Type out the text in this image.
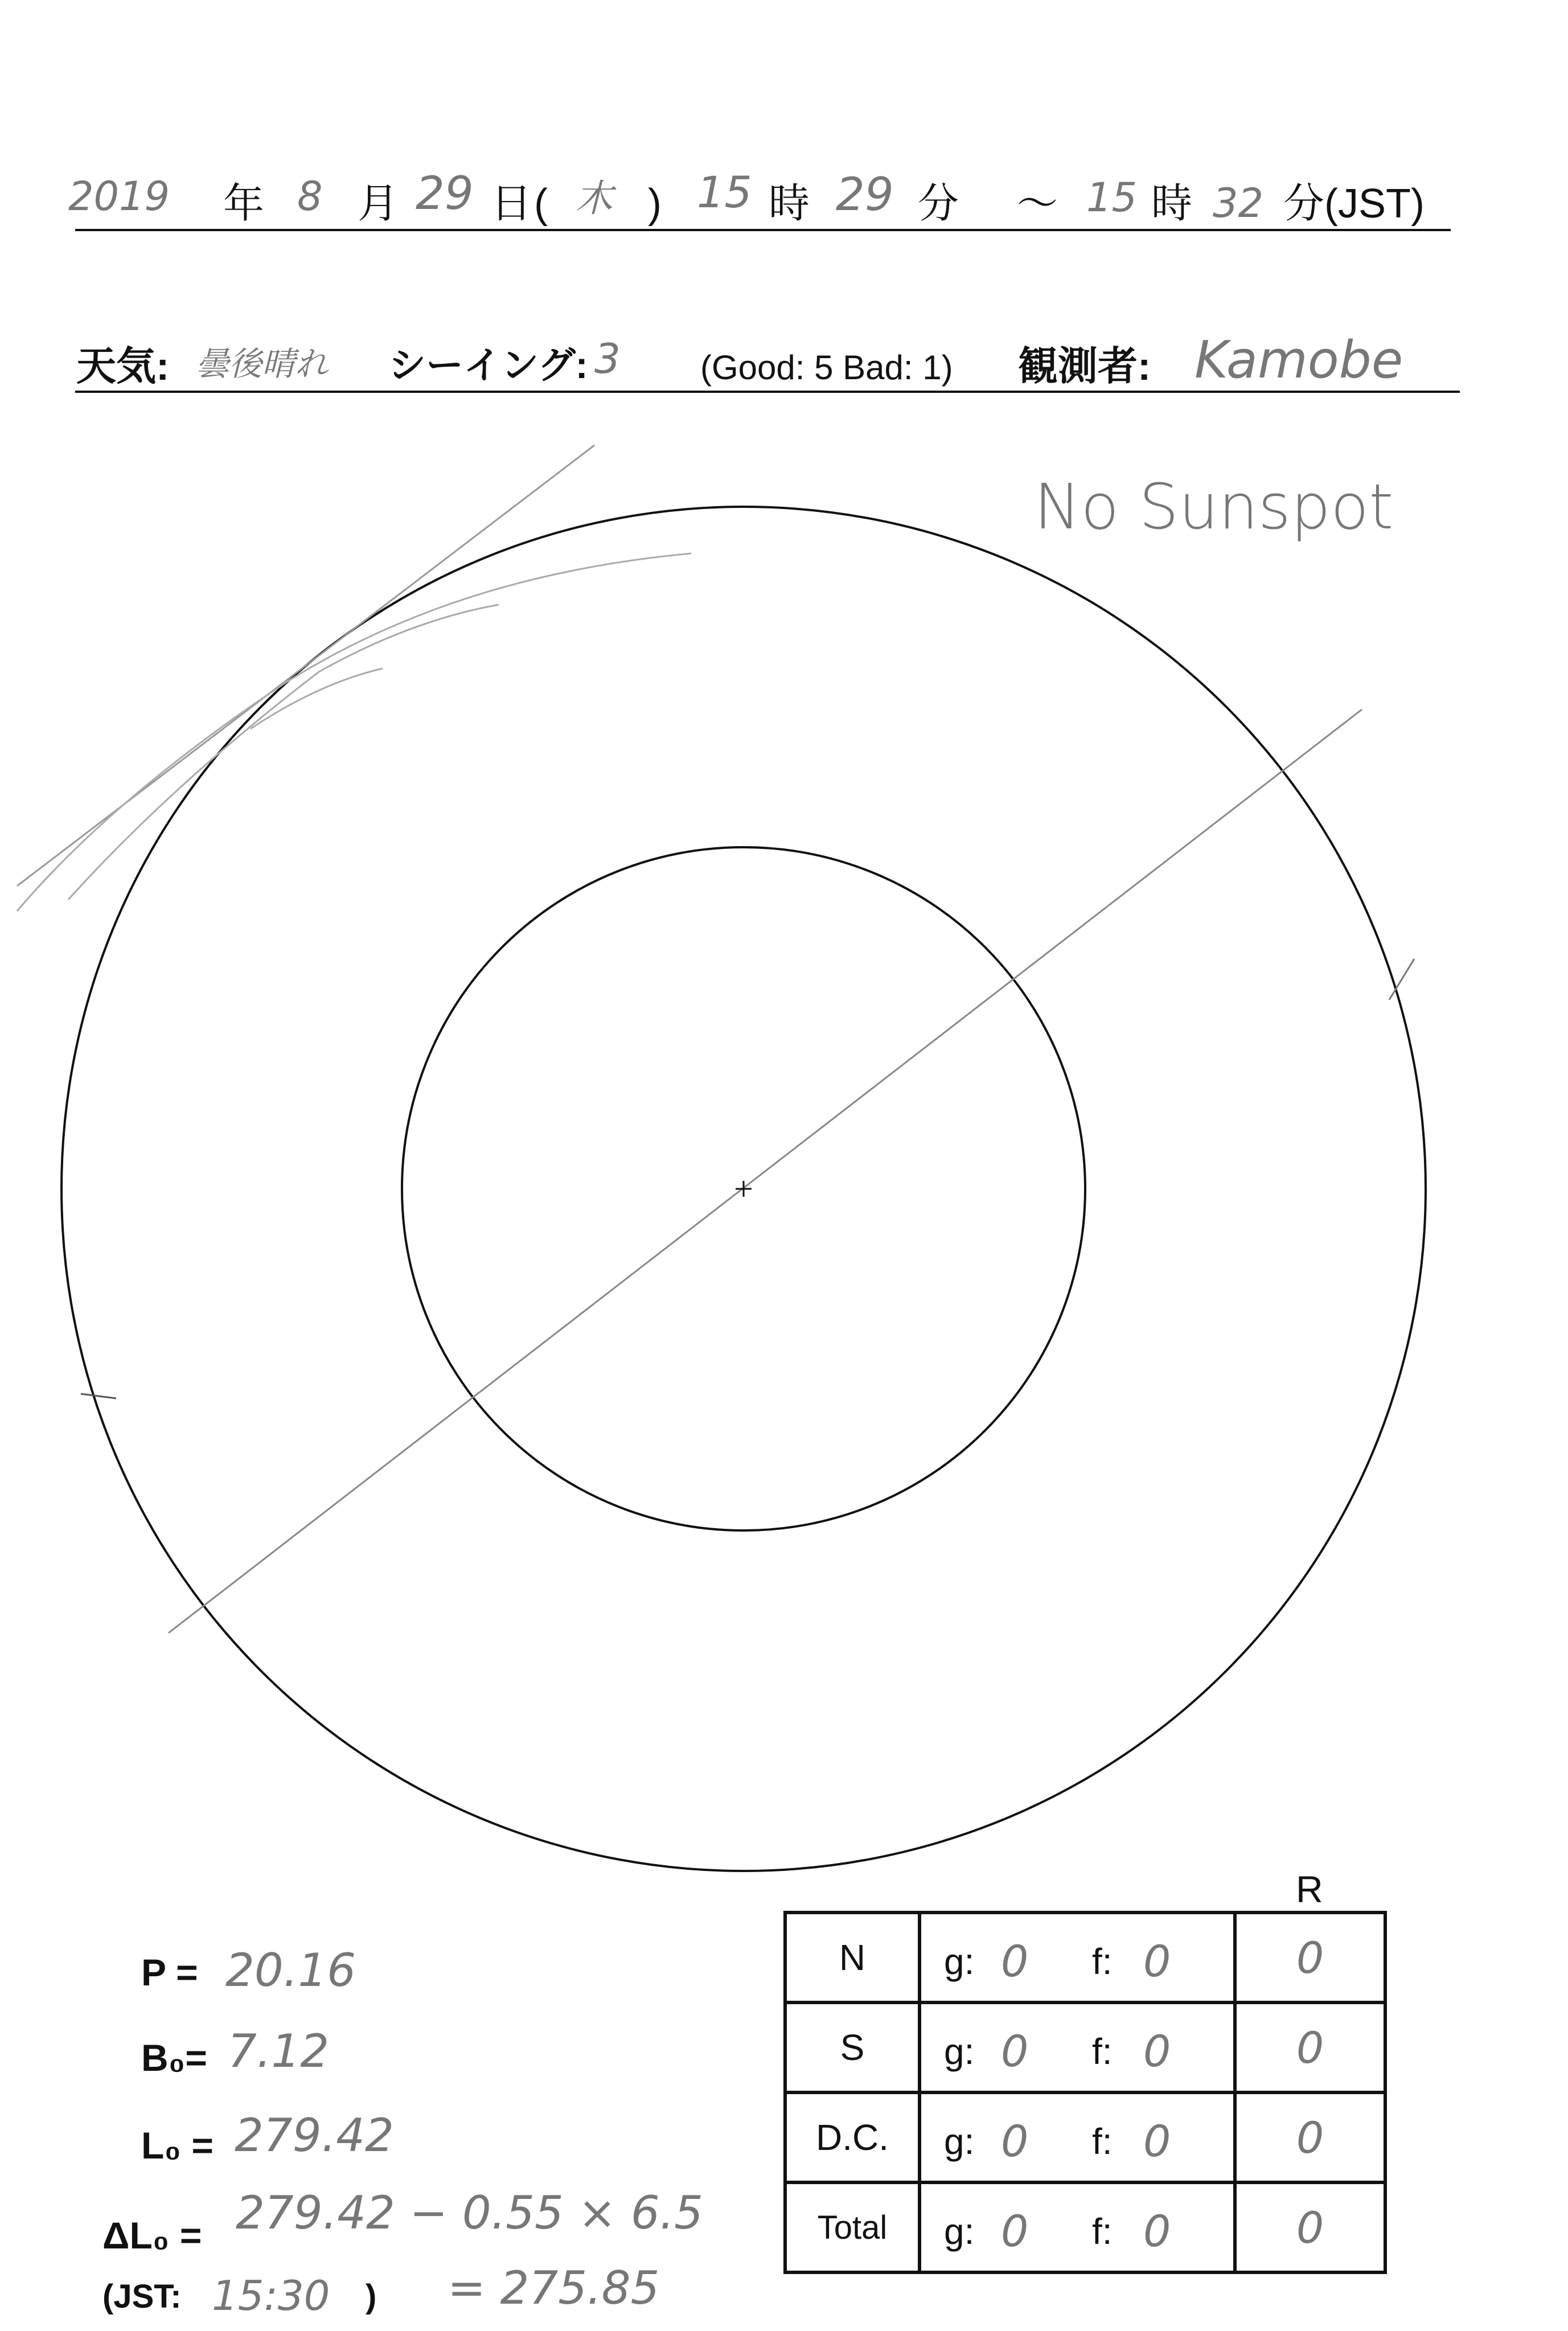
2019 年 8 月 29 日 ( 木 ) 15 時 29 分 ～ 15 時 32 分(JST)
天気: 曇後晴れ シーイング: 3 (Good: 5 Bad: 1) 観測者: Kamobe
No Sunspot
P = 20.16
B₀= 7.12
L₀ = 279.42
ΔL₀ = 279.42 − 0.55 × 6.5
(JST: 15:30 ) = 275.85
R
N	g: 0 f: 0	0
S	g: 0 f: 0	0
D.C.	g: 0 f: 0	0
Total	g: 0 f: 0	0
